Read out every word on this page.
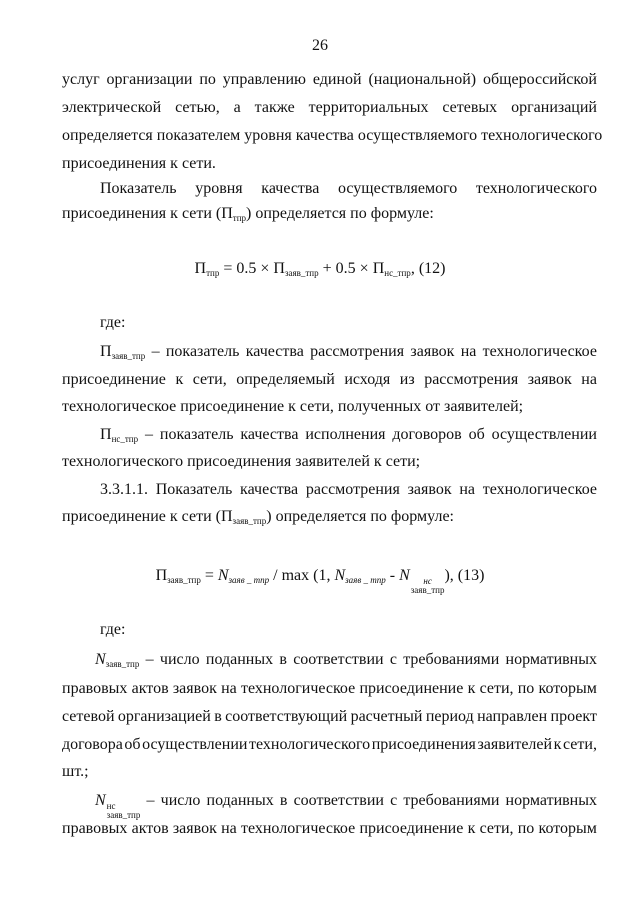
26
услуг организации по управлению единой (национальной) общероссийской
электрической сетью, а также территориальных сетевых организаций
определяется показателем уровня качества осуществляемого технологического
присоединения к сети.
Показатель уровня качества осуществляемого технологического
присоединения к сети $(П_{тпр})$ определяется по формуле:
$П_{тпр} = 0.5 \times П_{заяв\_тпр} + 0.5 \times П_{нс\_тпр}$, (12)
где:
$П_{заяв\_тпр}$ – показатель качества рассмотрения заявок на технологическое
присоединение к сети, определяемый исходя из рассмотрения заявок на
технологическое присоединение к сети, полученных от заявителей;
$П_{нс\_тпр}$ – показатель качества исполнения договоров об осуществлении
технологического присоединения заявителей к сети;
3.3.1.1. Показатель качества рассмотрения заявок на технологическое
присоединение к сети $(П_{заяв\_тпр})$ определяется по формуле:
$П_{заяв\_тпр} = N_{заяв \_ тпр} / \max (1$, $N_{заяв \_ тпр}$ - N	нс
заяв_тпр
), (13)
где:
$N_{заяв\_тпр}$ – число поданных в соответствии с требованиями нормативных
правовых актов заявок на технологическое присоединение к сети, по которым
сетевой организацией в соответствующий расчетный период направлен проект
договора об осуществлении технологического присоединения заявителей к сети,
шт.;
N нс
заяв_тпр
– число поданных в соответствии с требованиями нормативных
правовых актов заявок на технологическое присоединение к сети, по которым
